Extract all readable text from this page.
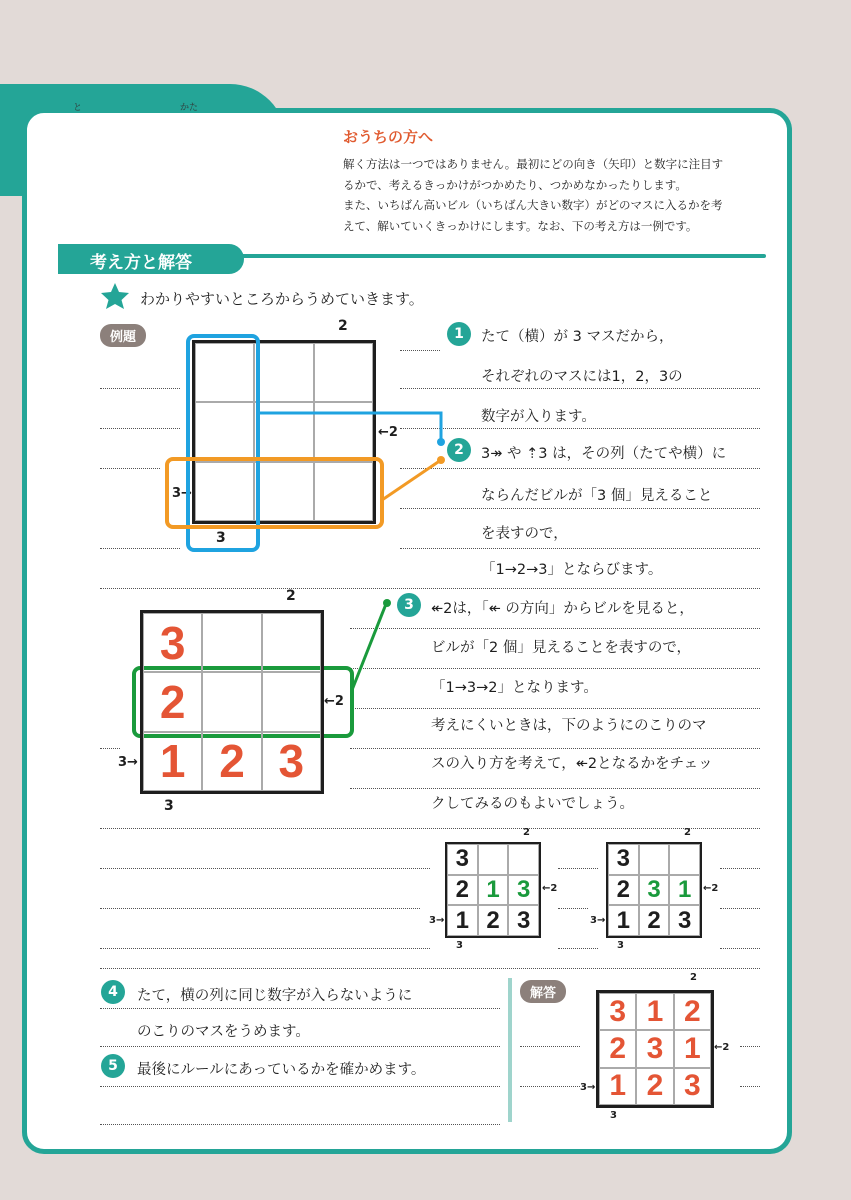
解き方
と	かた
おうちの方へ
解く方法は一つではありません。最初にどの向き（矢印）と数字に注目す
るかで、考えるきっかけがつかめたり、つかめなかったりします。
また、いちばん高いビル（いちばん大きい数字）がどのマスに入るかを考
えて、解いていくきっかけにします。なお、下の考え方は一例です。
考え方と解答
わかりやすいところからうめていきます。
例題
2
←2
3→
3
1	たて（横）が 3 マスだから，
それぞれのマスには1，2，3の
数字が入ります。
2	3↠ や ⇡3 は，その列（たてや横）に
ならんだビルが「3 個」見えること
を表すので，
「1→2→3」とならびます。
3
2
1 2 3
2
←2
3→
3
3	↞2は，「↞ の方向」からビルを見ると，
ビルが「2 個」見えることを表すので，
「1→3→2」となります。
考えにくいときは，下のようにのこりのマ
スの入り方を考えて，↞2となるかをチェッ
クしてみるのもよいでしょう。
3
2 1 3
1 2 3
2
←2
3→
3
3
2 3 1
1 2 3
2
←2
3→
3
4	たて，横の列に同じ数字が入らないように
のこりのマスをうめます。
5	最後にルールにあっているかを確かめます。
解答
3 1 2
2 3 1
1 2 3
2
←2
3→
3
